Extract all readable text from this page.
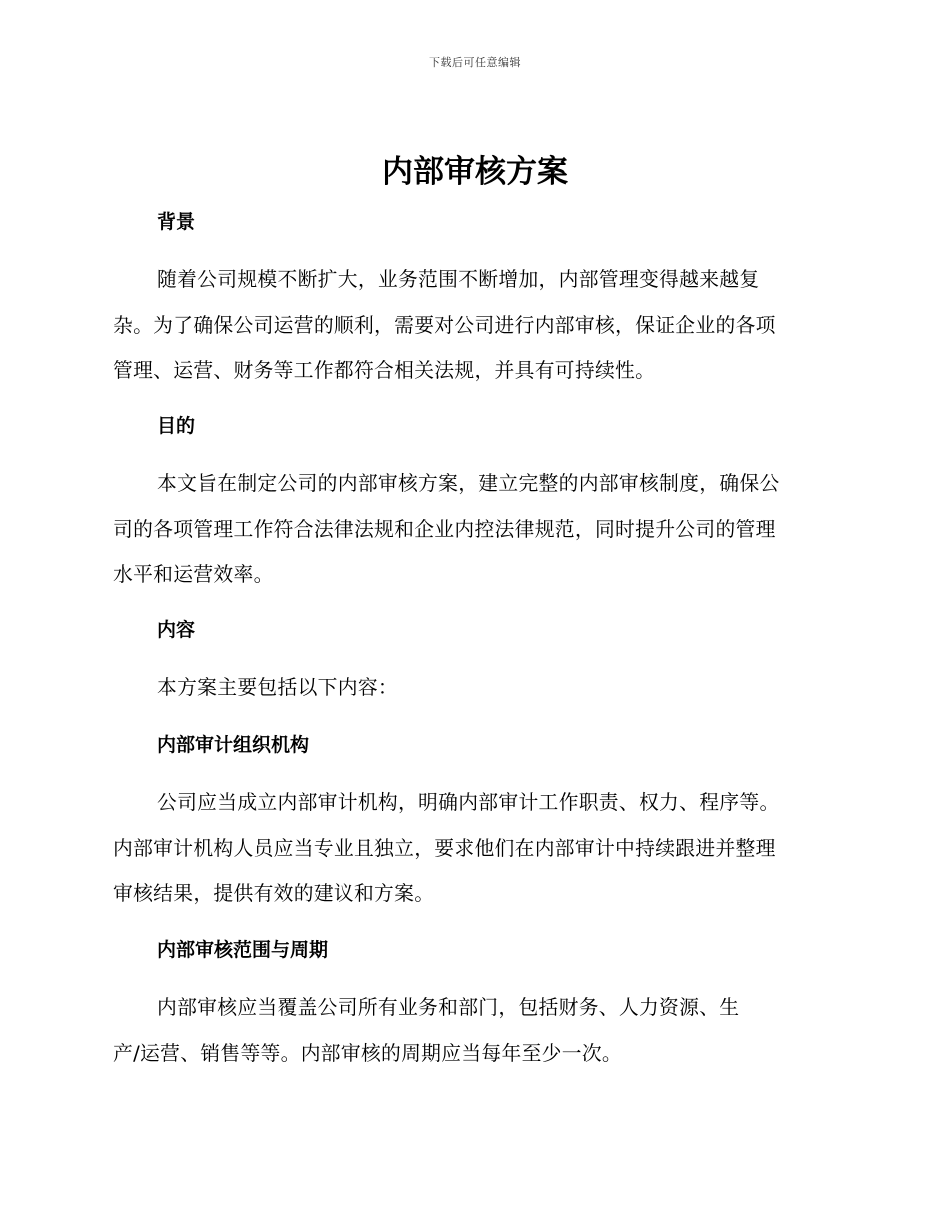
下载后可任意编辑
内部审核方案
背景
随着公司规模不断扩大，业务范围不断增加，内部管理变得越来越复
杂。为了确保公司运营的顺利，需要对公司进行内部审核，保证企业的各项
管理、运营、财务等工作都符合相关法规，并具有可持续性。
目的
本文旨在制定公司的内部审核方案，建立完整的内部审核制度，确保公
司的各项管理工作符合法律法规和企业内控法律规范，同时提升公司的管理
水平和运营效率。
内容
本方案主要包括以下内容：
内部审计组织机构
公司应当成立内部审计机构，明确内部审计工作职责、权力、程序等。
内部审计机构人员应当专业且独立，要求他们在内部审计中持续跟进并整理
审核结果，提供有效的建议和方案。
内部审核范围与周期
内部审核应当覆盖公司所有业务和部门，包括财务、人力资源、生
产/运营、销售等等。内部审核的周期应当每年至少一次。
